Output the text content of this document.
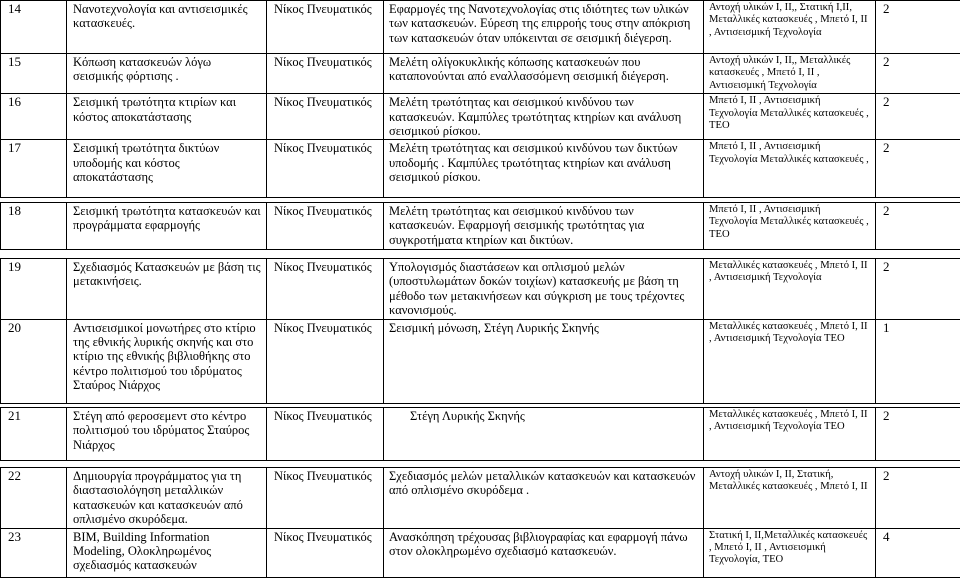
14	Νανοτεχνολογία και αντισεισμικές κατασκευές.	Νίκος Πνευματικός	Εφαρμογές της Νανοτεχνολογίας στις ιδιότητες των υλικών των κατασκευών. Εύρεση της επιρροής τους στην απόκριση των κατασκευών όταν υπόκεινται σε σεισμική διέγερση.	Αντοχή υλικών Ι, ΙΙ,, Στατική Ι,ΙΙ, Μεταλλικές κατασκευές , Μπετό Ι, ΙΙ , Αντισεισμική Τεχνολογία	2
15	Κόπωση κατασκευών λόγω σεισμικής φόρτισης .	Νίκος Πνευματικός	Μελέτη ολίγοκυκλικής κόπωσης κατασκευών που καταπονούνται από εναλλασσόμενη σεισμική διέγερση.	Αντοχή υλικών Ι, ΙΙ,, Μεταλλικές κατασκευές , Μπετό Ι, ΙΙ , Αντισεισμική Τεχνολογία	2
16	Σεισμική τρωτότητα κτιρίων και κόστος αποκατάστασης	Νίκος Πνευματικός	Μελέτη τρωτότητας και σεισμικού κινδύνου των κατασκευών. Καμπύλες τρωτότητας κτηρίων και ανάλυση σεισμικού ρίσκου.	Μπετό Ι, ΙΙ , Αντισεισμική Τεχνολογία Μεταλλικές κατασκευές , ΤΕΟ	2
17	Σεισμική τρωτότητα δικτύων υποδομής και κόστος αποκατάστασης	Νίκος Πνευματικός	Μελέτη τρωτότητας και σεισμικού κινδύνου των δικτύων υποδομής . Καμπύλες τρωτότητας κτηρίων και ανάλυση σεισμικού ρίσκου.	Μπετό Ι, ΙΙ , Αντισεισμική Τεχνολογία Μεταλλικές κατασκευές ,	2
18	Σεισμική τρωτότητα κατασκευών και προγράμματα εφαρμογής	Νίκος Πνευματικός	Μελέτη τρωτότητας και σεισμικού κινδύνου των κατασκευών. Εφαρμογή σεισμικής τρωτότητας για συγκροτήματα κτηρίων και δικτύων.	Μπετό Ι, ΙΙ , Αντισεισμική Τεχνολογία Μεταλλικές κατασκευές , ΤΕΟ	2
19	Σχεδιασμός Κατασκευών με βάση τις μετακινήσεις.	Νίκος Πνευματικός	Υπολογισμός διαστάσεων και οπλισμού μελών (υποστυλωμάτων δοκών τοιχίων) κατασκευής με βάση τη μέθοδο των μετακινήσεων και σύγκριση με τους τρέχοντες κανονισμούς.	Μεταλλικές κατασκευές , Μπετό Ι, ΙΙ , Αντισεισμική Τεχνολογία	2
20	Αντισεισμικοί μονωτήρες στο κτίριο της εθνικής λυρικής σκηνής και στο κτίριο της εθνικής βιβλιοθήκης στο κέντρο πολιτισμού του ιδρύματος Σταύρος Νιάρχος	Νίκος Πνευματικός	Σεισμική μόνωση, Στέγη Λυρικής Σκηνής	Μεταλλικές κατασκευές , Μπετό Ι, ΙΙ , Αντισεισμική Τεχνολογία ΤΕΟ	1
21	Στέγη από φεροσεμεντ στο κέντρο πολιτισμού του ιδρύματος Σταύρος Νιάρχος	Νίκος Πνευματικός	Στέγη Λυρικής Σκηνής	Μεταλλικές κατασκευές , Μπετό Ι, ΙΙ , Αντισεισμική Τεχνολογία ΤΕΟ	2
22	Δημιουργία προγράμματος για τη διαστασιολόγηση μεταλλικών κατασκευών και κατασκευών από οπλισμένο σκυρόδεμα.	Νίκος Πνευματικός	Σχεδιασμός μελών μεταλλικών κατασκευών και κατασκευών από οπλισμένο σκυρόδεμα .	Αντοχή υλικών Ι, ΙΙ, Στατική, Μεταλλικές κατασκευές , Μπετό Ι, ΙΙ	2
23	BIM, Building Information Modeling, Ολοκληρωμένος σχεδιασμός κατασκευών	Νίκος Πνευματικός	Ανασκόπηση τρέχουσας βιβλιογραφίας και εφαρμογή πάνω στον ολοκληρωμένο σχεδιασμό κατασκευών.	Στατική Ι, ΙΙ,Μεταλλικές κατασκευές , Μπετό Ι, ΙΙ , Αντισεισμική Τεχνολογία, ΤΕΟ	4
